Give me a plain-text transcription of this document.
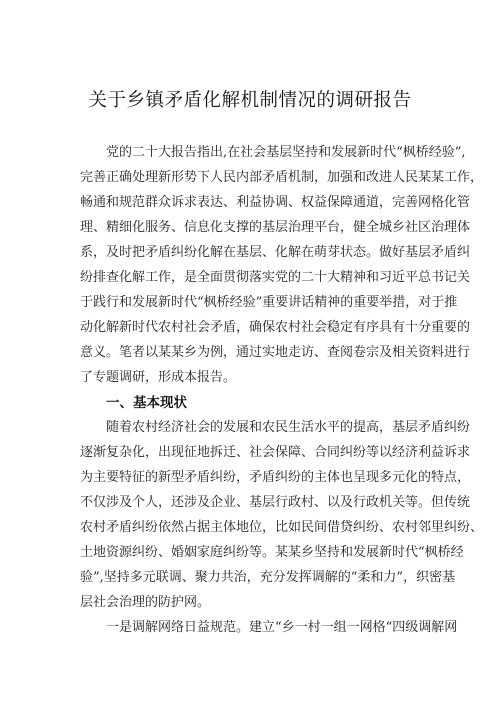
关于乡镇矛盾化解机制情况的调研报告
党的二十大报告指出,在社会基层坚持和发展新时代“枫桥经验”,
完善正确处理新形势下人民内部矛盾机制，加强和改进人民某某工作，
畅通和规范群众诉求表达、利益协调、权益保障通道，完善网格化管
理、精细化服务、信息化支撑的基层治理平台，健全城乡社区治理体
系，及时把矛盾纠纷化解在基层、化解在萌芽状态。做好基层矛盾纠
纷排查化解工作，是全面贯彻落实党的二十大精神和习近平总书记关
于践行和发展新时代“枫桥经验”重要讲话精神的重要举措，对于推
动化解新时代农村社会矛盾，确保农村社会稳定有序具有十分重要的
意义。笔者以某某乡为例，通过实地走访、查阅卷宗及相关资料进行
了专题调研，形成本报告。
一、基本现状
随着农村经济社会的发展和农民生活水平的提高，基层矛盾纠纷
逐渐复杂化，出现征地拆迁、社会保障、合同纠纷等以经济利益诉求
为主要特征的新型矛盾纠纷，矛盾纠纷的主体也呈现多元化的特点，
不仅涉及个人，还涉及企业、基层行政村、以及行政机关等。但传统
农村矛盾纠纷依然占据主体地位，比如民间借贷纠纷、农村邻里纠纷、
土地资源纠纷、婚姻家庭纠纷等。某某乡坚持和发展新时代“枫桥经
验”,坚持多元联调、聚力共治，充分发挥调解的“柔和力”，织密基
层社会治理的防护网。
一是调解网络日益规范。建立“乡一村一组一网格“四级调解网
